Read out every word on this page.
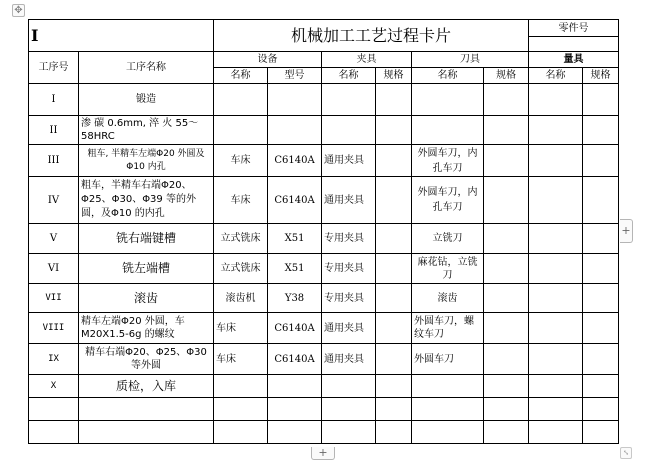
✥
I		机械加工工艺过程卡片						零件号	

工序号	工序名称	设备		夹具		刀具		量具	
		名称	型号	名称	规格	名称	规格	名称	规格
I	锻造								
II	渗 碳 0.6mm, 淬 火 55～58HRC								
III	粗车, 半精车左端Φ20 外圆及Φ10 内孔	车床	C6140A	通用夹具		外圆车刀，内孔车刀			
IV	粗车，半精车右端Φ20、Φ25、Φ30、Φ39 等的外圆，及Φ10 的内孔	车床	C6140A	通用夹具		外圆车刀，内孔车刀			
V	铣右端键槽	立式铣床	X51	专用夹具		立铣刀			
VI	铣左端槽	立式铣床	X51	专用夹具		麻花钻，立铣刀			
VII	滚齿	滚齿机	Y38	专用夹具		滚齿			
VIII	精车左端Φ20 外圆，车M20X1.5-6g 的螺纹	车床	C6140A	通用夹具		外圆车刀，螺纹车刀			
IX	精车右端Φ20、Φ25、Φ30 等外圆	车床	C6140A	通用夹具		外圆车刀			
X	质检，入库								

+
+	⤡
